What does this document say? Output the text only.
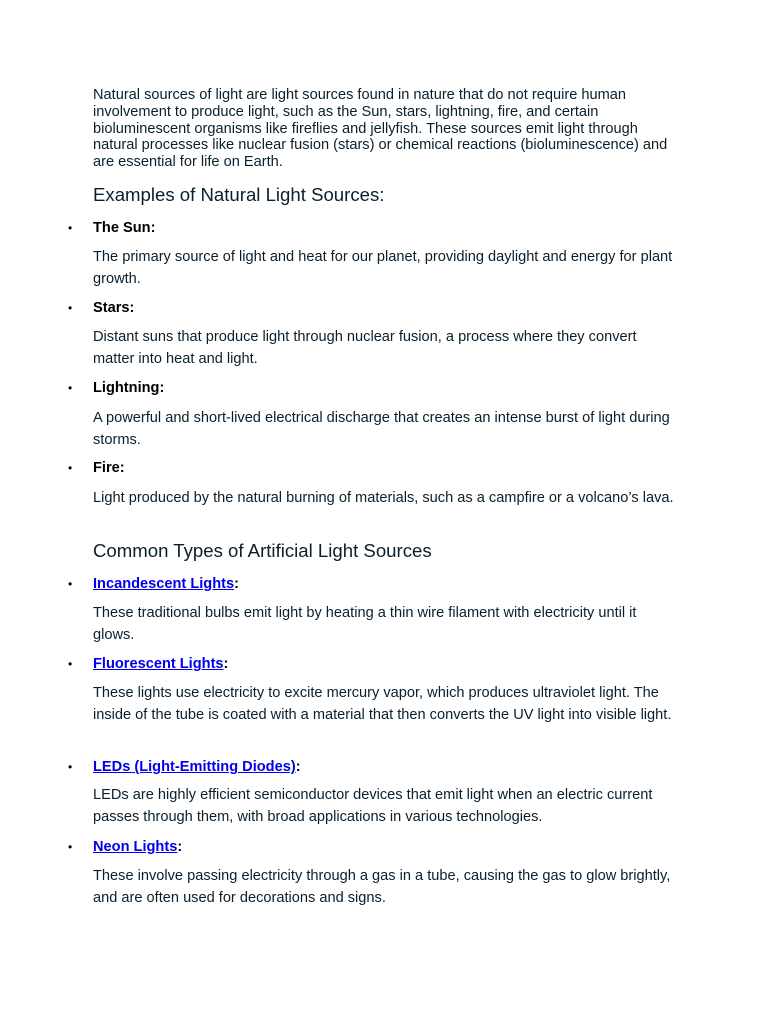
Natural sources of light are light sources found in nature that do not require human involvement to produce light, such as the Sun, stars, lightning, fire, and certain bioluminescent organisms like fireflies and jellyfish. These sources emit light through natural processes like nuclear fusion (stars) or chemical reactions (bioluminescence) and are essential for life on Earth.

Examples of Natural Light Sources:
•	The Sun:

The primary source of light and heat for our planet, providing daylight and energy for plant growth.

•	Stars:

Distant suns that produce light through nuclear fusion, a process where they convert matter into heat and light.

•	Lightning:

A powerful and short-lived electrical discharge that creates an intense burst of light during storms.

•	Fire:

Light produced by the natural burning of materials, such as a campfire or a volcano’s lava.

Common Types of Artificial Light Sources
•	Incandescent Lights:

These traditional bulbs emit light by heating a thin wire filament with electricity until it glows.

•	Fluorescent Lights:

These lights use electricity to excite mercury vapor, which produces ultraviolet light. The inside of the tube is coated with a material that then converts the UV light into visible light.

•	LEDs (Light-Emitting Diodes):

LEDs are highly efficient semiconductor devices that emit light when an electric current passes through them, with broad applications in various technologies.

•	Neon Lights:

These involve passing electricity through a gas in a tube, causing the gas to glow brightly, and are often used for decorations and signs.
